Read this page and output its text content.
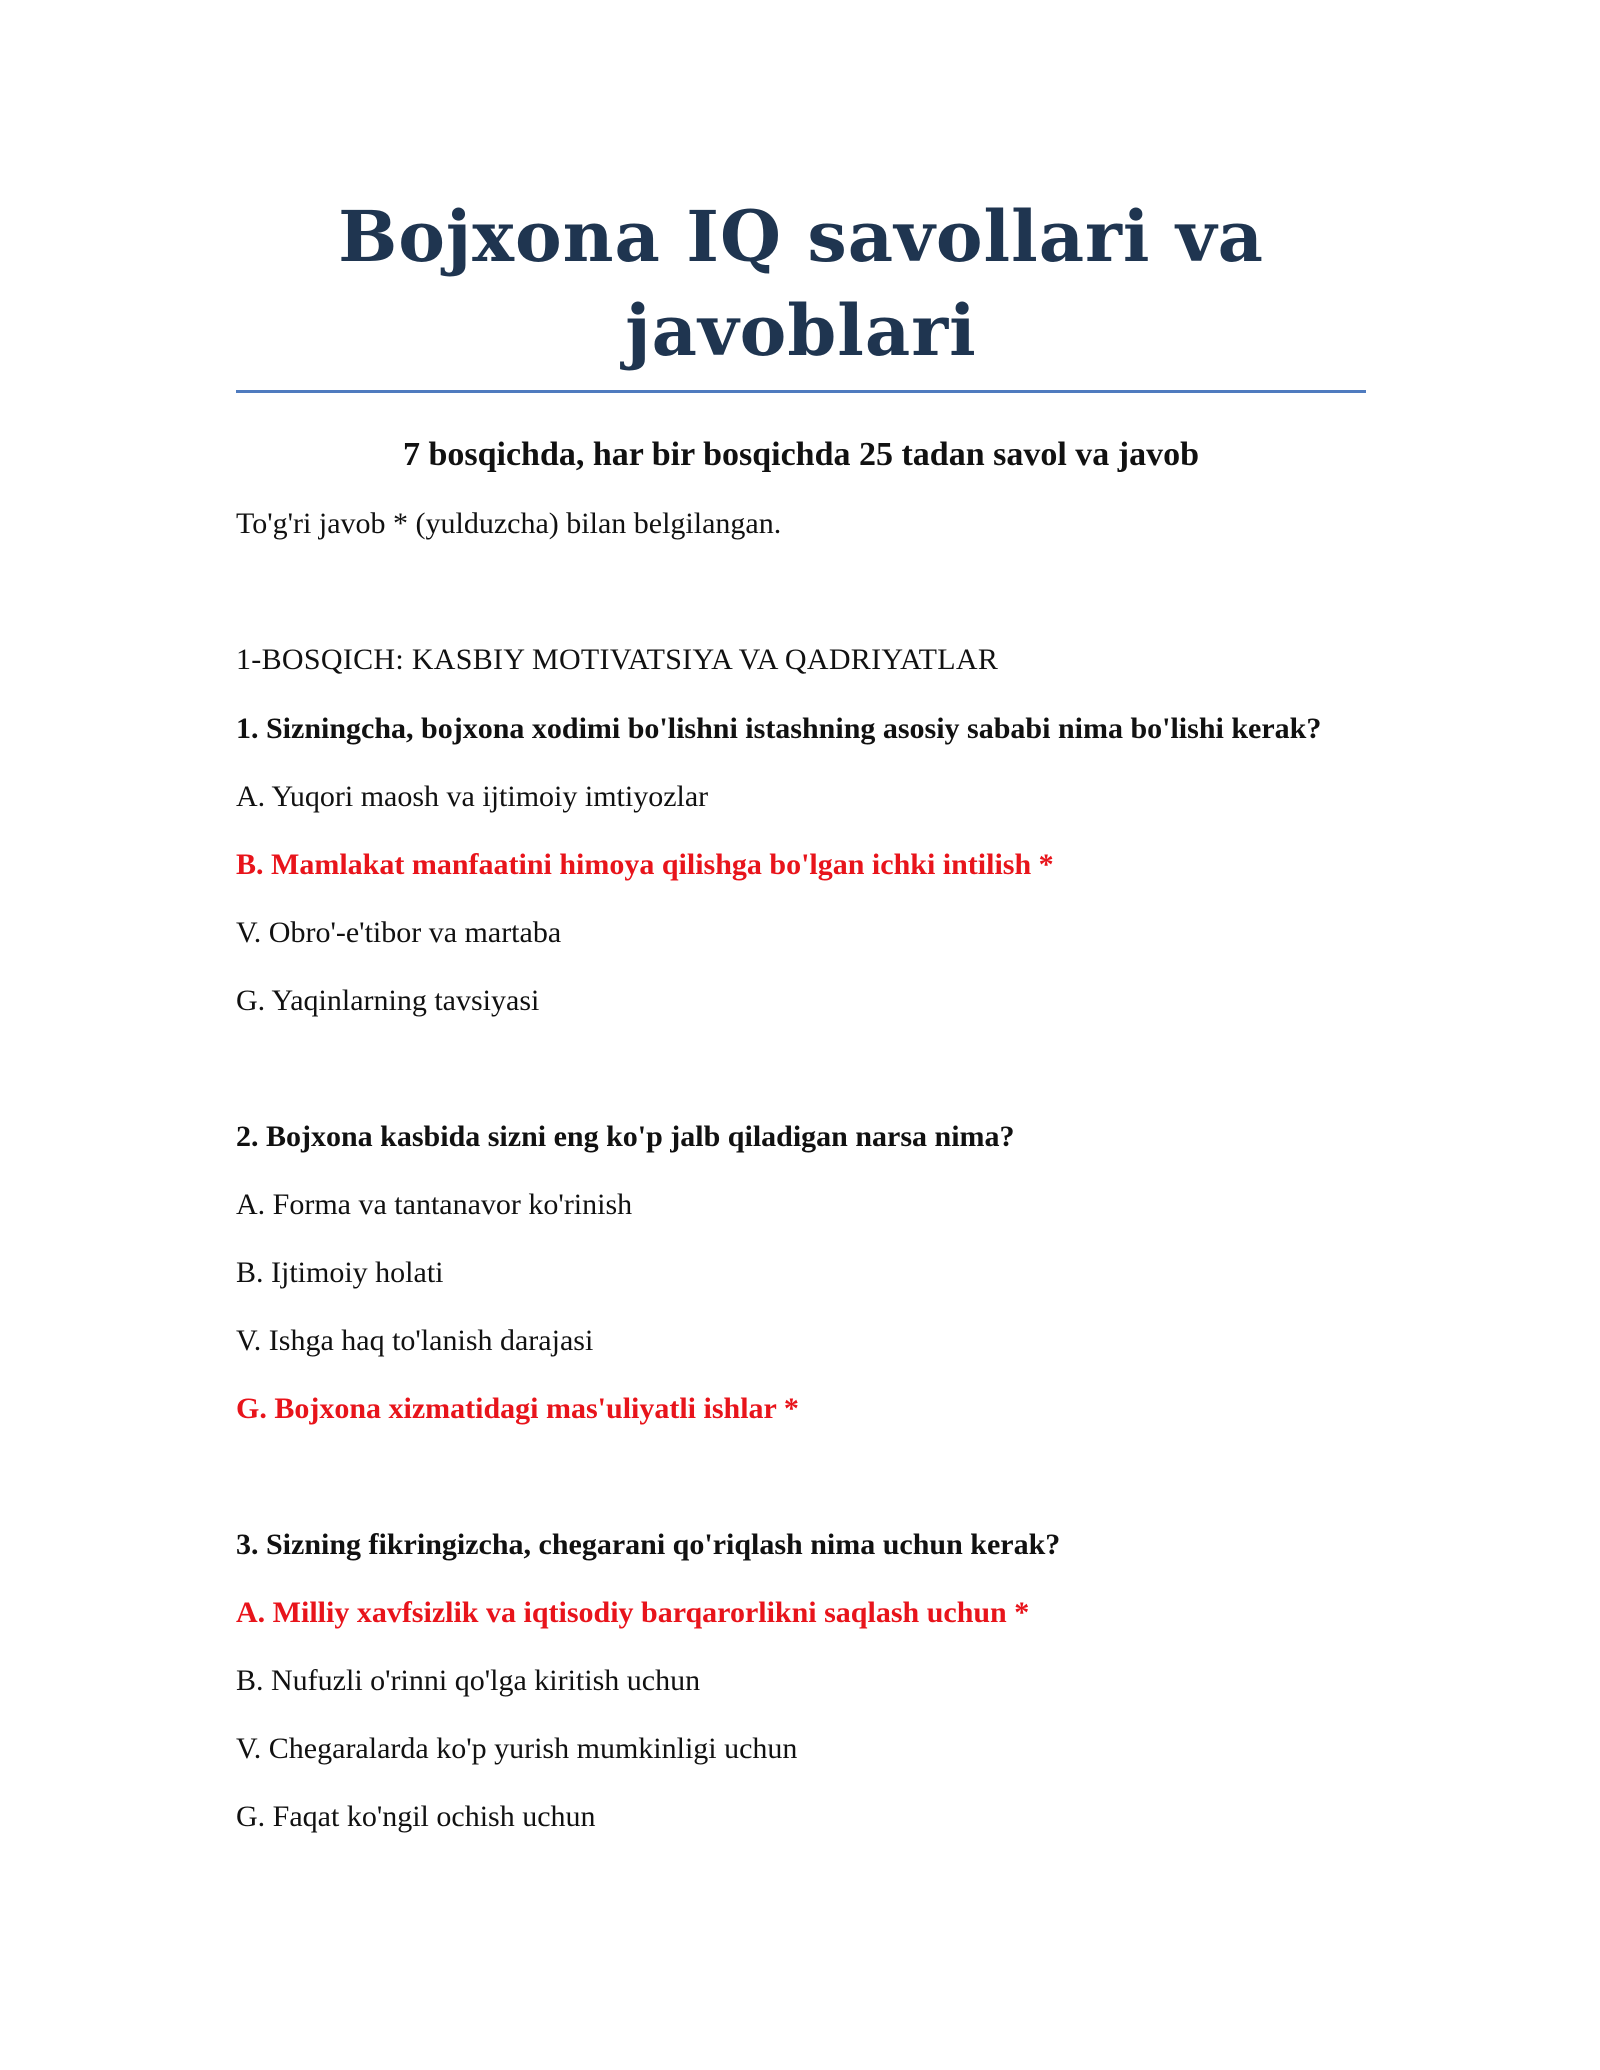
Bojxona IQ savollari va javoblari

7 bosqichda, har bir bosqichda 25 tadan savol va javob

To'g'ri javob * (yulduzcha) bilan belgilangan.

1-BOSQICH: KASBIY MOTIVATSIYA VA QADRIYATLAR

1. Sizningcha, bojxona xodimi bo'lishni istashning asosiy sababi nima bo'lishi kerak?

A. Yuqori maosh va ijtimoiy imtiyozlar

B. Mamlakat manfaatini himoya qilishga bo'lgan ichki intilish *

V. Obro'-e'tibor va martaba

G. Yaqinlarning tavsiyasi

2. Bojxona kasbida sizni eng ko'p jalb qiladigan narsa nima?

A. Forma va tantanavor ko'rinish

B. Ijtimoiy holati

V. Ishga haq to'lanish darajasi

G. Bojxona xizmatidagi mas'uliyatli ishlar *

3. Sizning fikringizcha, chegarani qo'riqlash nima uchun kerak?

A. Milliy xavfsizlik va iqtisodiy barqarorlikni saqlash uchun *

B. Nufuzli o'rinni qo'lga kiritish uchun

V. Chegaralarda ko'p yurish mumkinligi uchun

G. Faqat ko'ngil ochish uchun
